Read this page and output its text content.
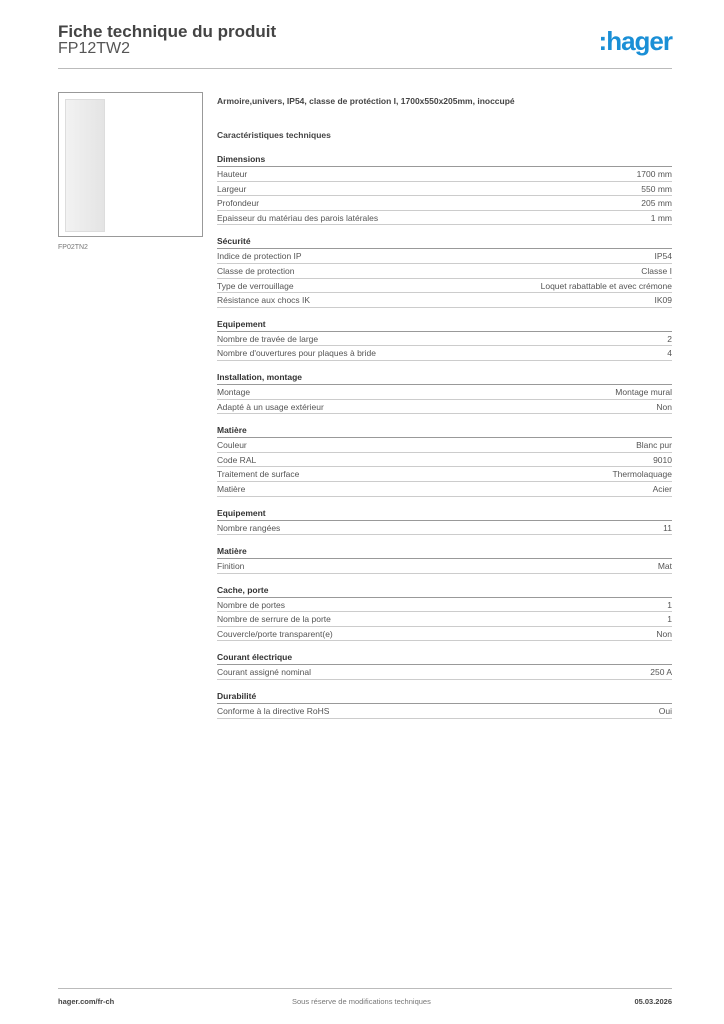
Fiche technique du produit
FP12TW2	:hager
FP02TN2
Armoire,univers, IP54, classe de protéction I, 1700x550x205mm, inoccupé
Caractéristiques techniques
Dimensions
Hauteur	1700 mm
Largeur	550 mm
Profondeur	205 mm
Epaisseur du matériau des parois latérales	1 mm
Sécurité
Indice de protection IP	IP54
Classe de protection	Classe I
Type de verrouillage	Loquet rabattable et avec crémone
Résistance aux chocs IK	IK09
Equipement
Nombre de travée de large	2
Nombre d'ouvertures pour plaques à bride	4
Installation, montage
Montage	Montage mural
Adapté à un usage extérieur	Non
Matière
Couleur	Blanc pur
Code RAL	9010
Traitement de surface	Thermolaquage
Matière	Acier
Equipement
Nombre rangées	11
Matière
Finition	Mat
Cache, porte
Nombre de portes	1
Nombre de serrure de la porte	1
Couvercle/porte transparent(e)	Non
Courant électrique
Courant assigné nominal	250 A
Durabilité
Conforme à la directive RoHS	Oui
hager.com/fr-ch	Sous réserve de modifications techniques	05.03.2026
